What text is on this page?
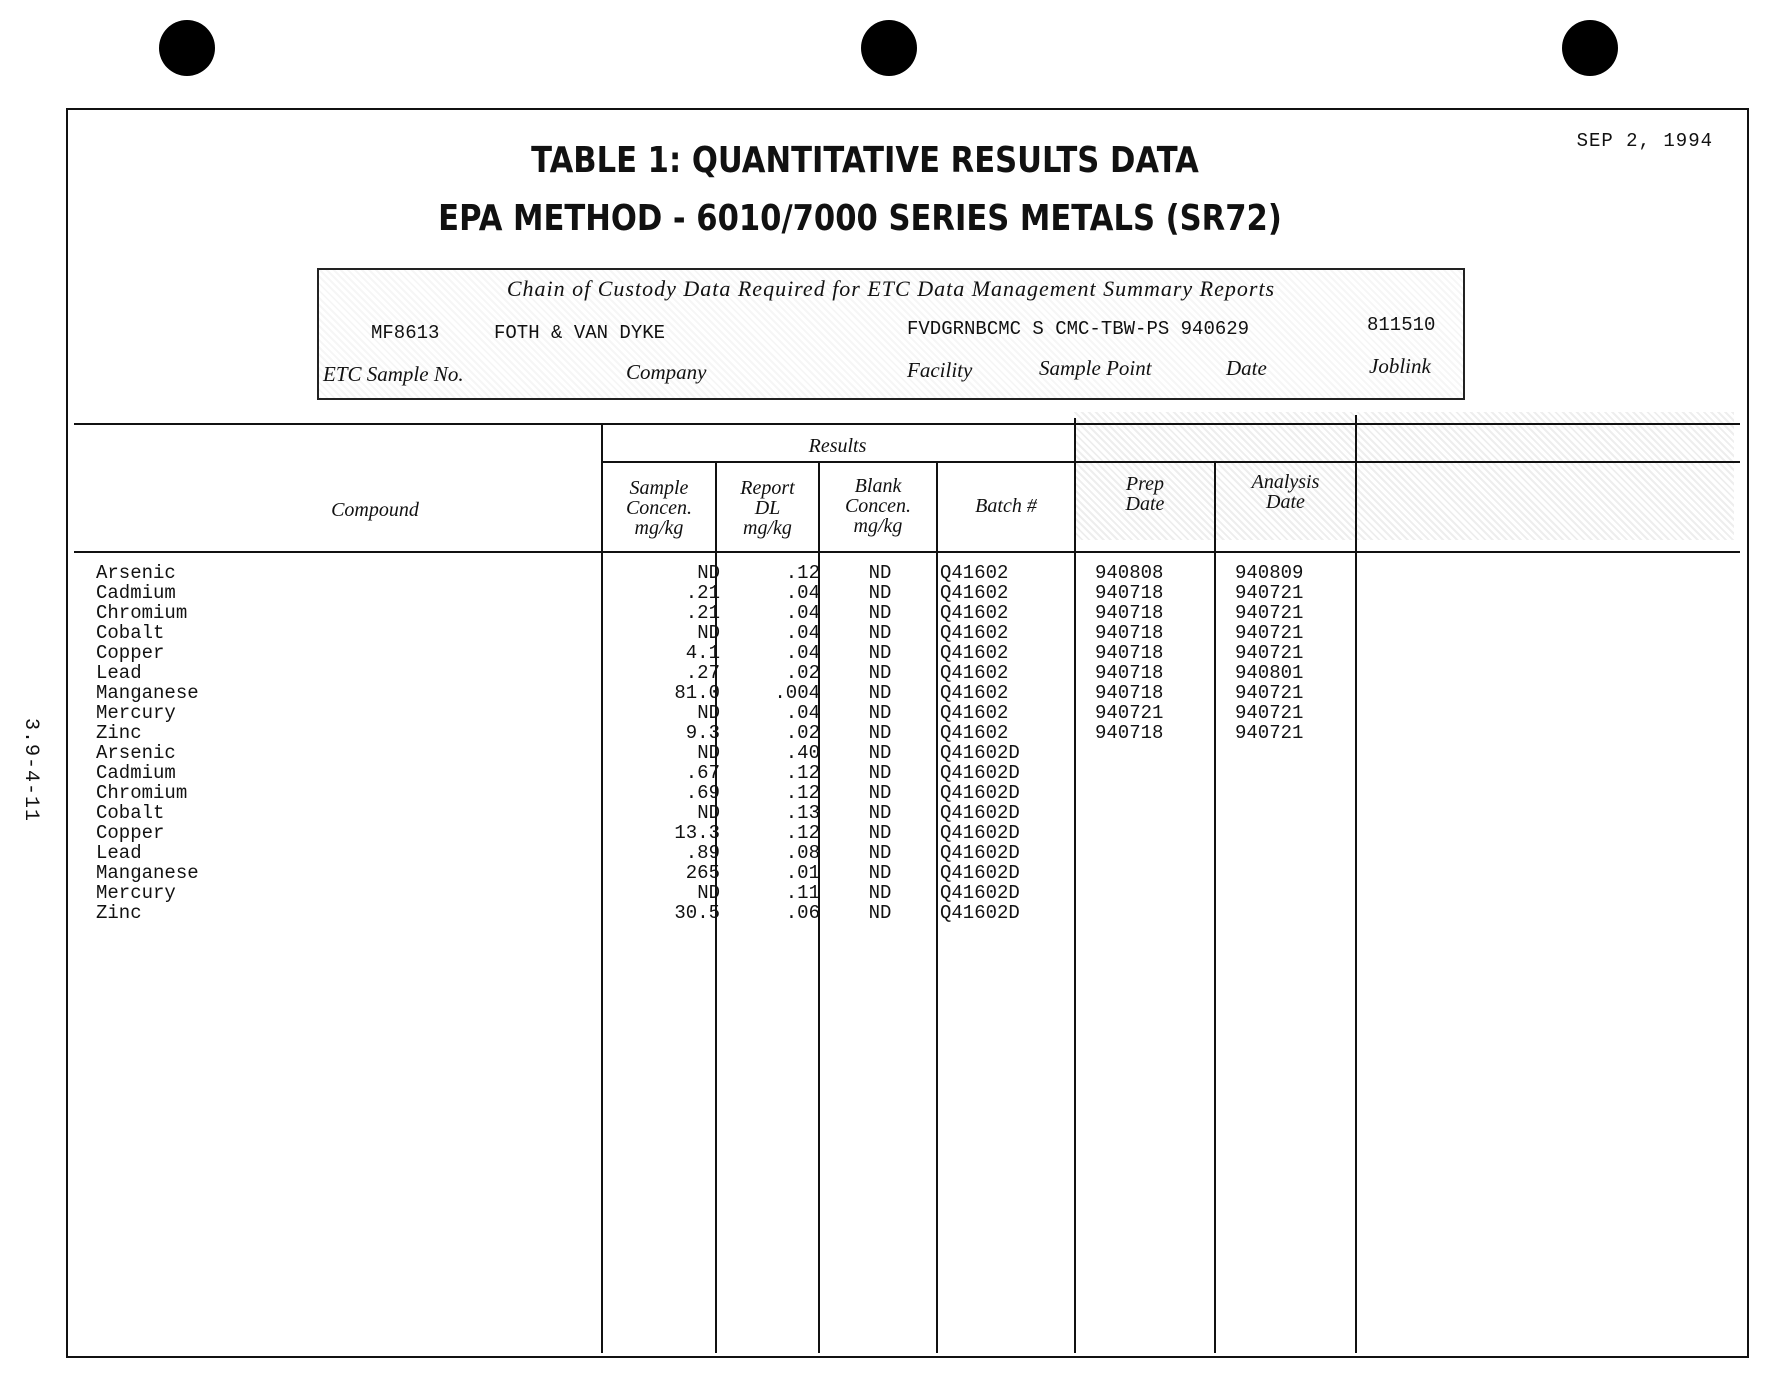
SEP 2, 1994
TABLE 1: QUANTITATIVE RESULTS DATA
EPA METHOD - 6010/7000 SERIES METALS (SR72)
3.9-4-11
Chain of Custody Data Required for ETC Data Management Summary Reports
MF8613	FOTH & VAN DYKE	FVDGRNBCMC S CMC-TBW-PS 940629	811510
ETC Sample No.	Company	Facility	Sample Point	Date	Joblink
Results
Compound
Sample
Concen.
mg/kg
Report
DL
mg/kg
Blank
Concen.
mg/kg
Batch #
Prep
Date
Analysis
Date
Arsenic	ND	.12	ND	Q41602	940808	940809
Cadmium	.21	.04	ND	Q41602	940718	940721
Chromium	.21	.04	ND	Q41602	940718	940721
Cobalt	ND	.04	ND	Q41602	940718	940721
Copper	4.1	.04	ND	Q41602	940718	940721
Lead	.27	.02	ND	Q41602	940718	940801
Manganese	81.0	.004	ND	Q41602	940718	940721
Mercury	ND	.04	ND	Q41602	940721	940721
Zinc	9.3	.02	ND	Q41602	940718	940721
Arsenic	ND	.40	ND	Q41602D
Cadmium	.67	.12	ND	Q41602D
Chromium	.69	.12	ND	Q41602D
Cobalt	ND	.13	ND	Q41602D
Copper	13.3	.12	ND	Q41602D
Lead	.89	.08	ND	Q41602D
Manganese	265	.01	ND	Q41602D
Mercury	ND	.11	ND	Q41602D
Zinc	30.5	.06	ND	Q41602D
